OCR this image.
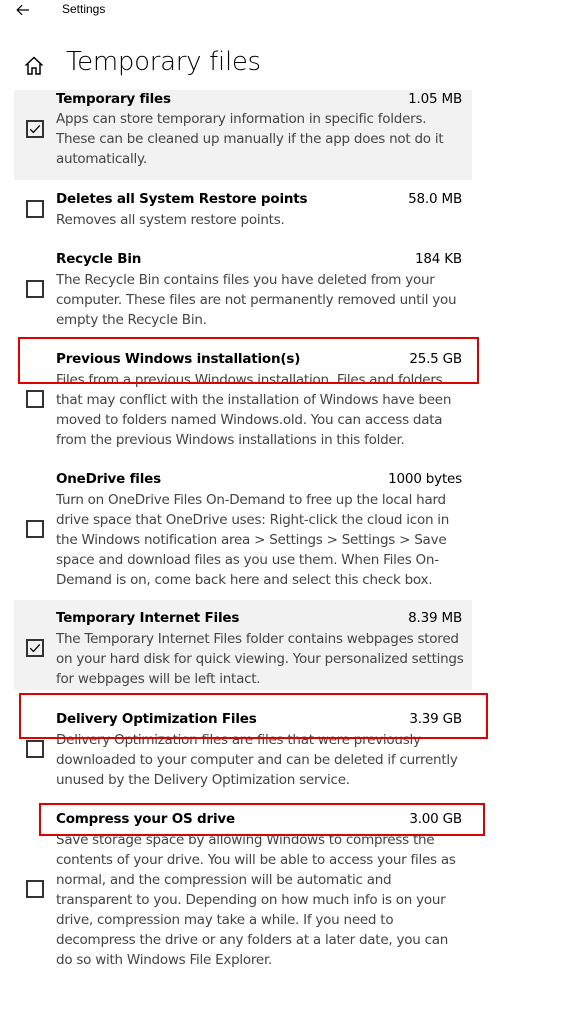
Settings
Temporary files
Temporary files	1.05 MB
Apps can store temporary information in specific folders. These can be cleaned up manually if the app does not do it automatically.
Deletes all System Restore points	58.0 MB
Removes all system restore points.
Recycle Bin	184 KB
The Recycle Bin contains files you have deleted from your computer. These files are not permanently removed until you empty the Recycle Bin.
Previous Windows installation(s)	25.5 GB
Files from a previous Windows installation. Files and folders that may conflict with the installation of Windows have been moved to folders named Windows.old. You can access data from the previous Windows installations in this folder.
OneDrive files	1000 bytes
Turn on OneDrive Files On-Demand to free up the local hard drive space that OneDrive uses: Right-click the cloud icon in the Windows notification area > Settings > Settings > Save space and download files as you use them. When Files On-Demand is on, come back here and select this check box.
Temporary Internet Files	8.39 MB
The Temporary Internet Files folder contains webpages stored on your hard disk for quick viewing. Your personalized settings for webpages will be left intact.
Delivery Optimization Files	3.39 GB
Delivery Optimization files are files that were previously downloaded to your computer and can be deleted if currently unused by the Delivery Optimization service.
Compress your OS drive	3.00 GB
Save storage space by allowing Windows to compress the contents of your drive. You will be able to access your files as normal, and the compression will be automatic and transparent to you. Depending on how much info is on your drive, compression may take a while. If you need to decompress the drive or any folders at a later date, you can do so with Windows File Explorer.
